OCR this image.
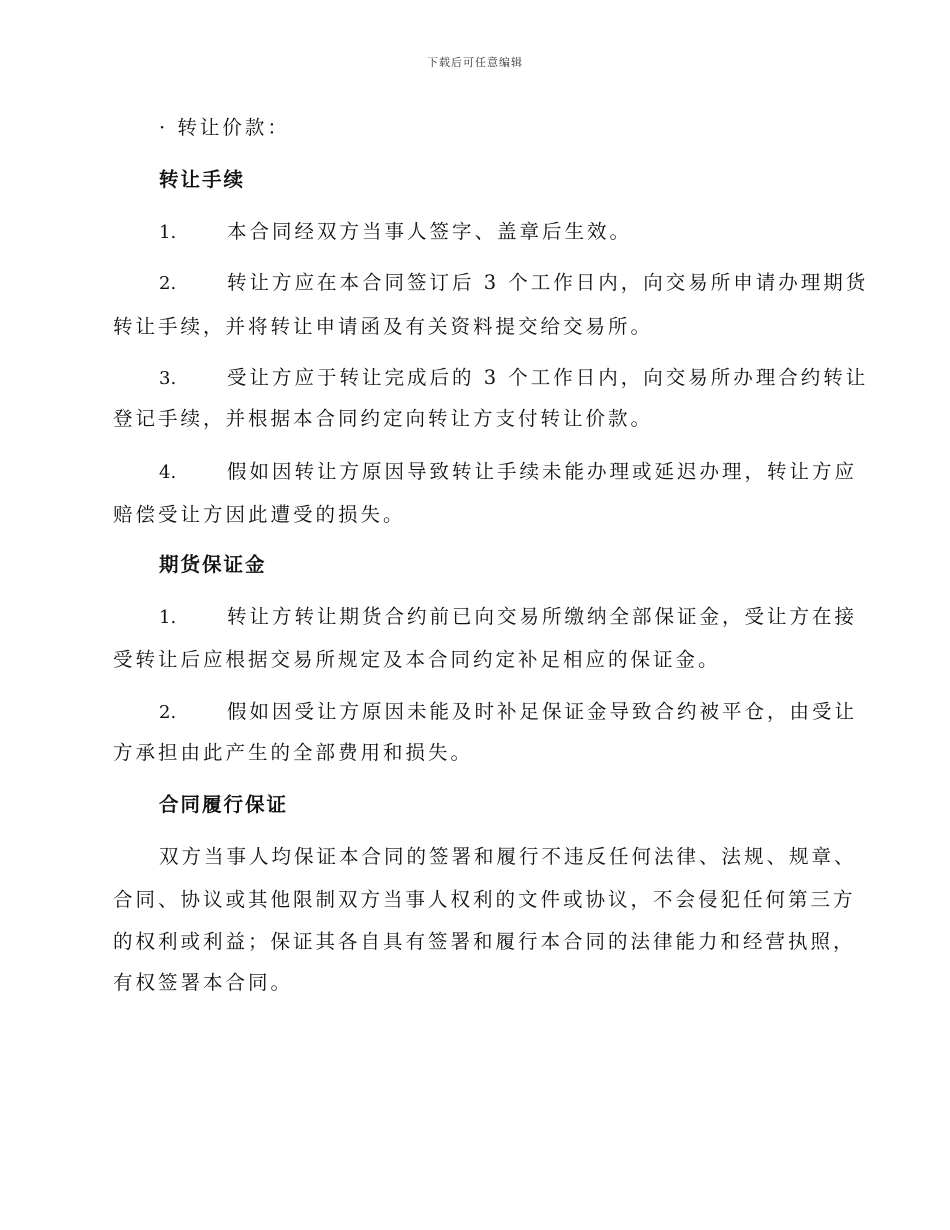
下载后可任意编辑
· 转让价款：
转让手续
1.	本合同经双方当事人签字、盖章后生效。
2.	转让方应在本合同签订后 3 个工作日内，向交易所申请办理期货
转让手续，并将转让申请函及有关资料提交给交易所。
3.	受让方应于转让完成后的 3 个工作日内，向交易所办理合约转让
登记手续，并根据本合同约定向转让方支付转让价款。
4.	假如因转让方原因导致转让手续未能办理或延迟办理，转让方应
赔偿受让方因此遭受的损失。
期货保证金
1.	转让方转让期货合约前已向交易所缴纳全部保证金，受让方在接
受转让后应根据交易所规定及本合同约定补足相应的保证金。
2.	假如因受让方原因未能及时补足保证金导致合约被平仓，由受让
方承担由此产生的全部费用和损失。
合同履行保证
双方当事人均保证本合同的签署和履行不违反任何法律、法规、规章、
合同、协议或其他限制双方当事人权利的文件或协议，不会侵犯任何第三方
的权利或利益；保证其各自具有签署和履行本合同的法律能力和经营执照，
有权签署本合同。
